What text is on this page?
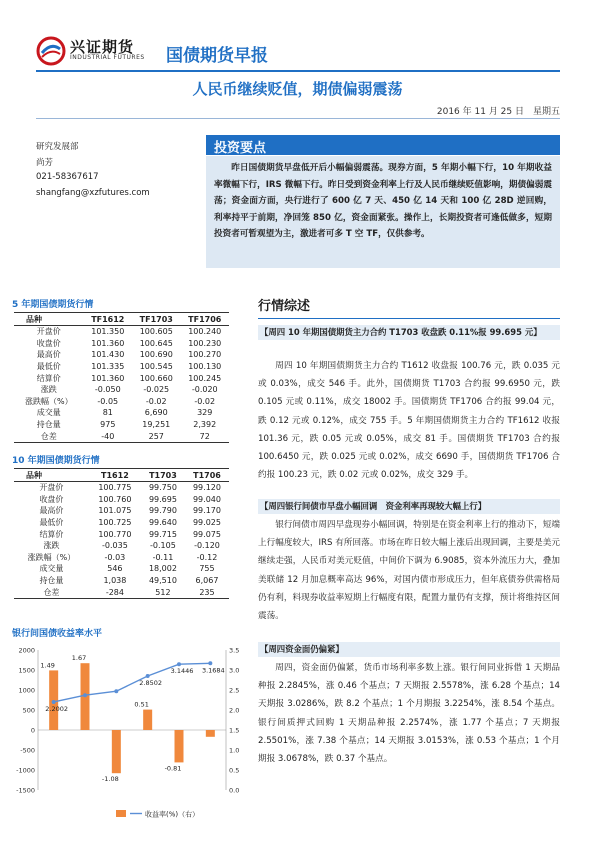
兴证期货
INDUSTRIAL FUTURES 国债期货早报
人民币继续贬值，期债偏弱震荡
2016 年 11 月 25 日　星期五
研究发展部
尚芳
021-58367617
shangfang@xzfutures.com
投资要点

昨日国债期货早盘低开后小幅偏弱震荡。现券方面，5 年期小幅下行，10 年期收益率微幅下行，IRS 微幅下行。昨日受到资金利率上行及人民币继续贬值影响，期债偏弱震荡；资金面方面，央行进行了 600 亿 7 天、450 亿 14 天和 100 亿 28D 逆回购，利率持平于前期，净回笼 850 亿，资金面紧张。操作上，长期投资者可逢低做多，短期投资者可暂观望为主，激进者可多 T 空 TF，仅供参考。

5 年期国债期货行情
品种	TF1612	TF1703	TF1706
开盘价	101.350	100.605	100.240
收盘价	101.360	100.645	100.230
最高价	101.430	100.690	100.270
最低价	101.335	100.545	100.130
结算价	101.360	100.660	100.245
涨跌	-0.050	-0.025	-0.020
涨跌幅（%）	-0.05	-0.02	-0.02
成交量	81	6,690	329
持仓量	975	19,251	2,392
仓差	-40	257	72
10 年期国债期货行情
品种	T1612	T1703	T1706
开盘价	100.775	99.750	99.120
收盘价	100.760	99.695	99.040
最高价	101.075	99.790	99.170
最低价	100.725	99.640	99.025
结算价	100.770	99.715	99.075
涨跌	-0.035	-0.105	-0.120
涨跌幅（%）	-0.03	-0.11	-0.12
成交量	546	18,002	755
持仓量	1,038	49,510	6,067
仓差	-284	512	235
行情综述
【周四 10 年期国债期货主力合约 T1703 收盘跌 0.11%报 99.695 元】

周四 10 年期国债期货主力合约 T1612 收盘报 100.76 元，跌 0.035 元或 0.03%，成交 546 手。此外，国债期货 T1703 合约报 99.6950 元，跌 0.105 元或 0.11%，成交 18002 手。国债期货 TF1706 合约报 99.04 元，跌 0.12 元或 0.12%，成交 755 手。5 年期国债期货主力合约 TF1612 收报 101.36 元，跌 0.05 元或 0.05%，成交 81 手。国债期货 TF1703 合约报 100.6450 元，跌 0.025 元或 0.02%，成交 6690 手，国债期货 TF1706 合约报 100.23 元，跌 0.02 元或 0.02%，成交 329 手。

【周四银行间债市早盘小幅回调　资金利率再现较大幅上行】

银行间债市周四早盘现券小幅回调，特别是在资金利率上行的推动下，短端上行幅度较大，IRS 有所回落。市场在昨日较大幅上涨后出现回调，主要是美元继续走强，人民币对美元贬值，中间价下调为 6.9085，资本外流压力大，叠加美联储 12 月加息概率高达 96%，对国内债市形成压力，但年底债券供需格局仍有利，料现券收益率短期上行幅度有限，配置力量仍有支撑，预计将维持区间震荡。

【周四资金面仍偏紧】

周四，资金面仍偏紧，货币市场利率多数上涨。银行间同业拆借 1 天期品种报 2.2845%，涨 0.46 个基点；7 天期报 2.5578%，涨 6.28 个基点；14 天期报 3.0286%，跌 8.2 个基点；1 个月期报 3.2254%，涨 8.54 个基点。银行间质押式回购 1 天期品种报 2.2574%，涨 1.77 个基点；7 天期报 2.5501%，涨 7.38 个基点；14 天期报 3.0153%，涨 0.53 个基点；1 个月期报 3.0678%，跌 0.37 个基点。

银行间国债收益率水平
2000
1500
1000
500
0
-500
-1000
-1500
3.5
3.0
2.5
2.0
1.5
1.0
0.5
0.0
1.49
1.67
-1.08
0.51
-0.81
2.2002
2.8502
3.1446 3.1684
收益率(%)（右）
